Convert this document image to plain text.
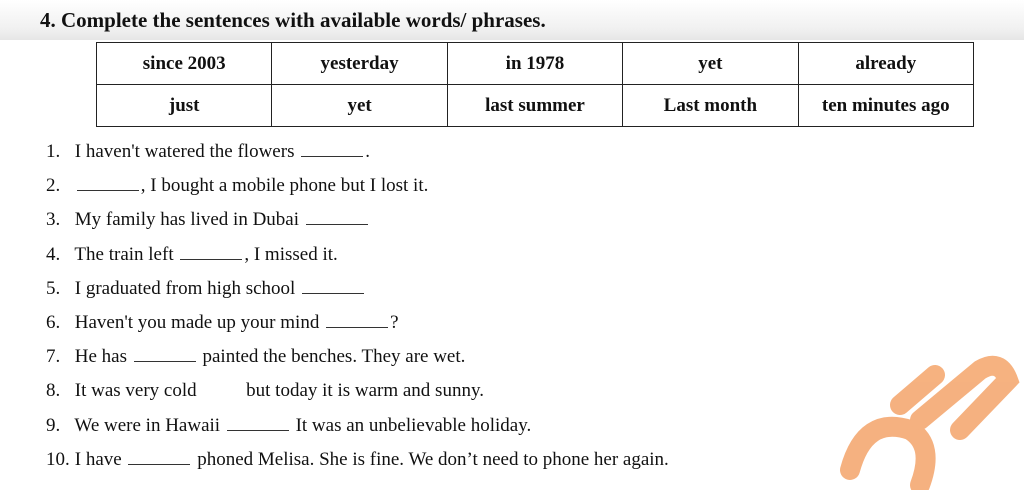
4. Complete the sentences with available words/ phrases.
since 2003	yesterday	in 1978	yet	already
just	yet	last summer	Last month	ten minutes ago
1. I haven't watered the flowers	.
2.	, I bought a mobile phone but I lost it.
3. My family has lived in Dubai
4. The train left	, I missed it.
5. I graduated from high school
6. Haven't you made up your mind	?
7. He has	painted the benches. They are wet.
8. It was very cold	but today it is warm and sunny.
9. We were in Hawaii	It was an unbelievable holiday.
10. I have	phoned Melisa. She is fine. We don’t need to phone her again.
